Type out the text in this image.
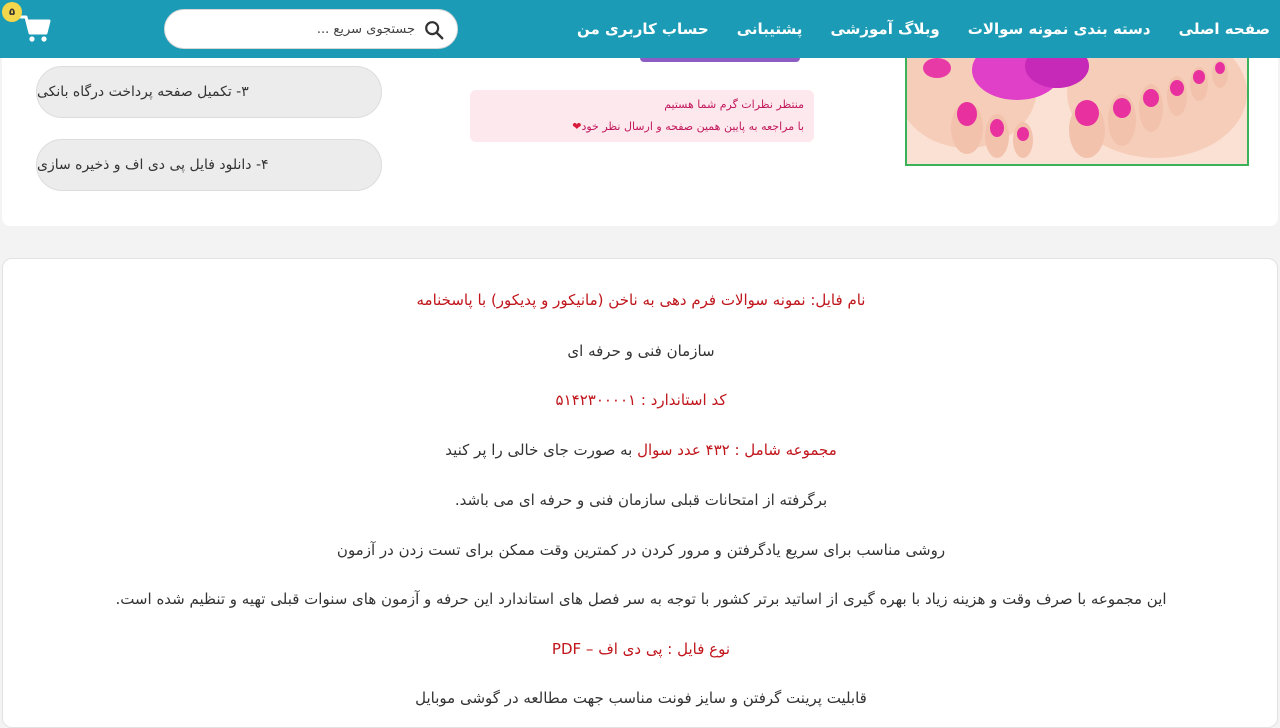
صفحه اصلی
دسته بندی نمونه سوالات
وبلاگ آموزشی
پشتیبانی
حساب کاربری من
جستجوی سریع ...
۵
۳- تکمیل صفحه پرداخت درگاه بانکی
۴- دانلود فایل پی دی اف و ذخیره سازی
منتظر نظرات گرم شما هستیم
با مراجعه به پایین همین صفحه و ارسال نظر خود❤
نام فایل: نمونه سوالات فرم دهی به ناخن (مانیکور و پدیکور) با پاسخنامه
سازمان فنی و حرفه ای
کد استاندارد : ۵۱۴۲۳۰۰۰۰۱
مجموعه شامل : ۴۳۲ عدد سوال به صورت جای خالی را پر کنید
برگرفته از امتحانات قبلی سازمان فنی و حرفه ای می باشد.
روشی مناسب برای سریع یادگرفتن و مرور کردن در کمترین وقت ممکن برای تست زدن در آزمون
این مجموعه با صرف وقت و هزینه زیاد با بهره گیری از اساتید برتر کشور با توجه به سر فصل های استاندارد این حرفه و آزمون های سنوات قبلی تهیه و تنظیم شده است.
نوع فایل : پی دی اف – PDF
قابلیت پرینت گرفتن و سایز فونت مناسب جهت مطالعه در گوشی موبایل
